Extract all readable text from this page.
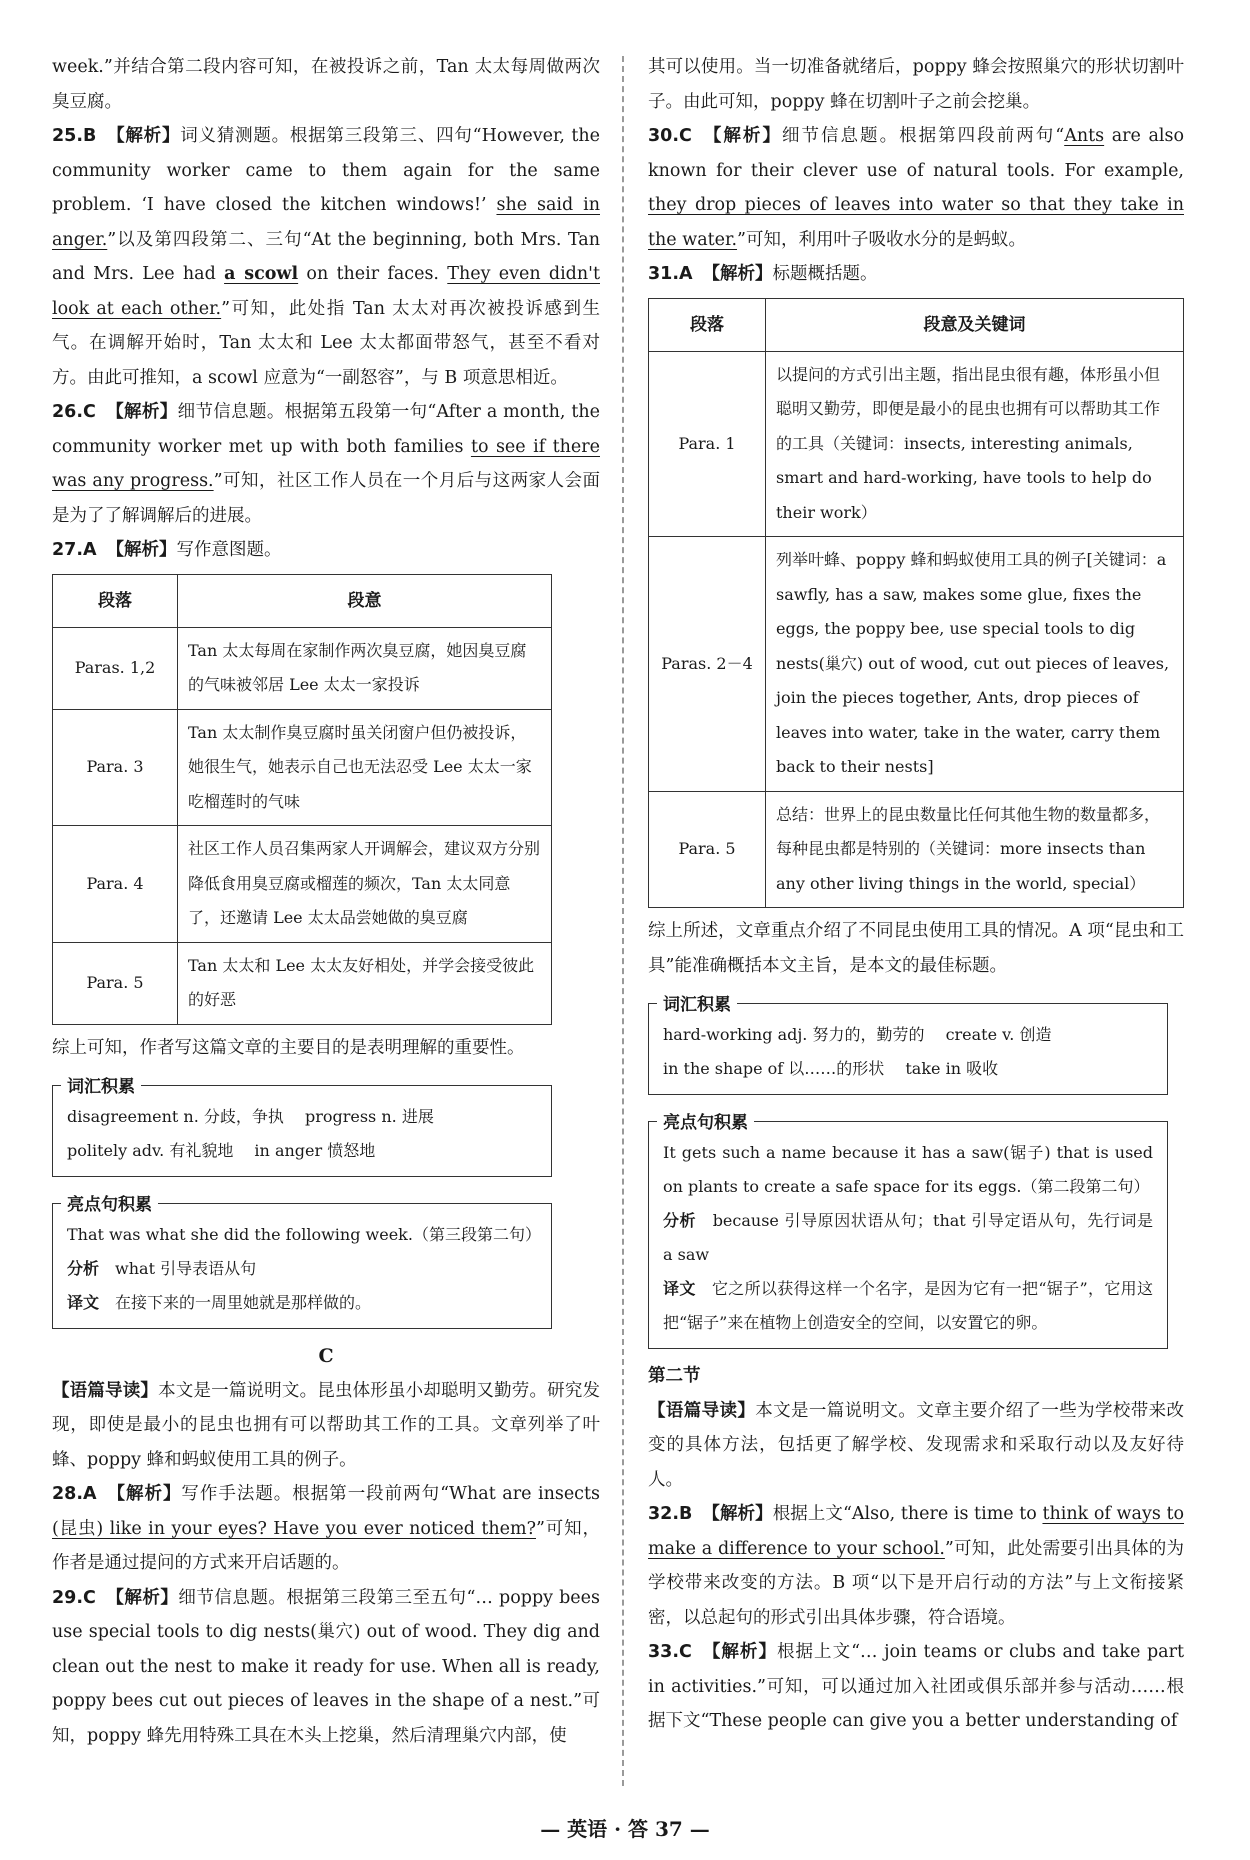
week.”并结合第二段内容可知，在被投诉之前，Tan 太太每周做两次臭豆腐。

25.B 【解析】词义猜测题。根据第三段第三、四句“However, the community worker came to them again for the same problem. ‘I have closed the kitchen windows!’ she said in anger.”以及第四段第二、三句“At the beginning, both Mrs. Tan and Mrs. Lee had a scowl on their faces. They even didn't look at each other.”可知，此处指 Tan 太太对再次被投诉感到生气。在调解开始时，Tan 太太和 Lee 太太都面带怒气，甚至不看对方。由此可推知，a scowl 应意为“一副怒容”，与 B 项意思相近。

26.C 【解析】细节信息题。根据第五段第一句“After a month, the community worker met up with both families to see if there was any progress.”可知，社区工作人员在一个月后与这两家人会面是为了了解调解后的进展。

27.A 【解析】写作意图题。

段落	段意
Paras. 1,2	Tan 太太每周在家制作两次臭豆腐，她因臭豆腐的气味被邻居 Lee 太太一家投诉
Para. 3	Tan 太太制作臭豆腐时虽关闭窗户但仍被投诉，她很生气，她表示自己也无法忍受 Lee 太太一家吃榴莲时的气味
Para. 4	社区工作人员召集两家人开调解会，建议双方分别降低食用臭豆腐或榴莲的频次，Tan 太太同意了，还邀请 Lee 太太品尝她做的臭豆腐
Para. 5	Tan 太太和 Lee 太太友好相处，并学会接受彼此的好恶

综上可知，作者写这篇文章的主要目的是表明理解的重要性。

词汇积累

disagreement n. 分歧，争执　 progress n. 进展

politely adv. 有礼貌地　 in anger 愤怒地

亮点句积累

That was what she did the following week.（第三段第二句）

分析　 what 引导表语从句

译文　 在接下来的一周里她就是那样做的。

C

【语篇导读】本文是一篇说明文。昆虫体形虽小却聪明又勤劳。研究发现，即使是最小的昆虫也拥有可以帮助其工作的工具。文章列举了叶蜂、poppy 蜂和蚂蚁使用工具的例子。

28.A 【解析】写作手法题。根据第一段前两句“What are insects (昆虫) like in your eyes? Have you ever noticed them?”可知，作者是通过提问的方式来开启话题的。

29.C 【解析】细节信息题。根据第三段第三至五句“… poppy bees use special tools to dig nests(巢穴) out of wood. They dig and clean out the nest to make it ready for use. When all is ready, poppy bees cut out pieces of leaves in the shape of a nest.”可知，poppy 蜂先用特殊工具在木头上挖巢，然后清理巢穴内部，使

其可以使用。当一切准备就绪后，poppy 蜂会按照巢穴的形状切割叶子。由此可知，poppy 蜂在切割叶子之前会挖巢。

30.C 【解析】细节信息题。根据第四段前两句“Ants are also known for their clever use of natural tools. For example, they drop pieces of leaves into water so that they take in the water.”可知，利用叶子吸收水分的是蚂蚁。

31.A 【解析】标题概括题。

段落	段意及关键词
Para. 1	以提问的方式引出主题，指出昆虫很有趣，体形虽小但聪明又勤劳，即便是最小的昆虫也拥有可以帮助其工作的工具（关键词：insects, interesting animals, smart and hard-working, have tools to help do their work）
Paras. 2－4	列举叶蜂、poppy 蜂和蚂蚁使用工具的例子[关键词：a sawfly, has a saw, makes some glue, fixes the eggs, the poppy bee, use special tools to dig nests(巢穴) out of wood, cut out pieces of leaves, join the pieces together, Ants, drop pieces of leaves into water, take in the water, carry them back to their nests]
Para. 5	总结：世界上的昆虫数量比任何其他生物的数量都多，每种昆虫都是特别的（关键词：more insects than any other living things in the world, special）

综上所述，文章重点介绍了不同昆虫使用工具的情况。A 项“昆虫和工具”能准确概括本文主旨，是本文的最佳标题。

词汇积累

hard-working adj. 努力的，勤劳的　 create v. 创造

in the shape of 以……的形状　 take in 吸收

亮点句积累

It gets such a name because it has a saw(锯子) that is used on plants to create a safe space for its eggs.（第二段第二句）

分析　 because 引导原因状语从句；that 引导定语从句，先行词是 a saw

译文　 它之所以获得这样一个名字，是因为它有一把“锯子”，它用这把“锯子”来在植物上创造安全的空间，以安置它的卵。

第二节

【语篇导读】本文是一篇说明文。文章主要介绍了一些为学校带来改变的具体方法，包括更了解学校、发现需求和采取行动以及友好待人。

32.B 【解析】根据上文“Also, there is time to think of ways to make a difference to your school.”可知，此处需要引出具体的为学校带来改变的方法。B 项“以下是开启行动的方法”与上文衔接紧密，以总起句的形式引出具体步骤，符合语境。

33.C 【解析】根据上文“… join teams or clubs and take part in activities.”可知，可以通过加入社团或俱乐部并参与活动……根据下文“These people can give you a better understanding of

— 英语 · 答 37 —
